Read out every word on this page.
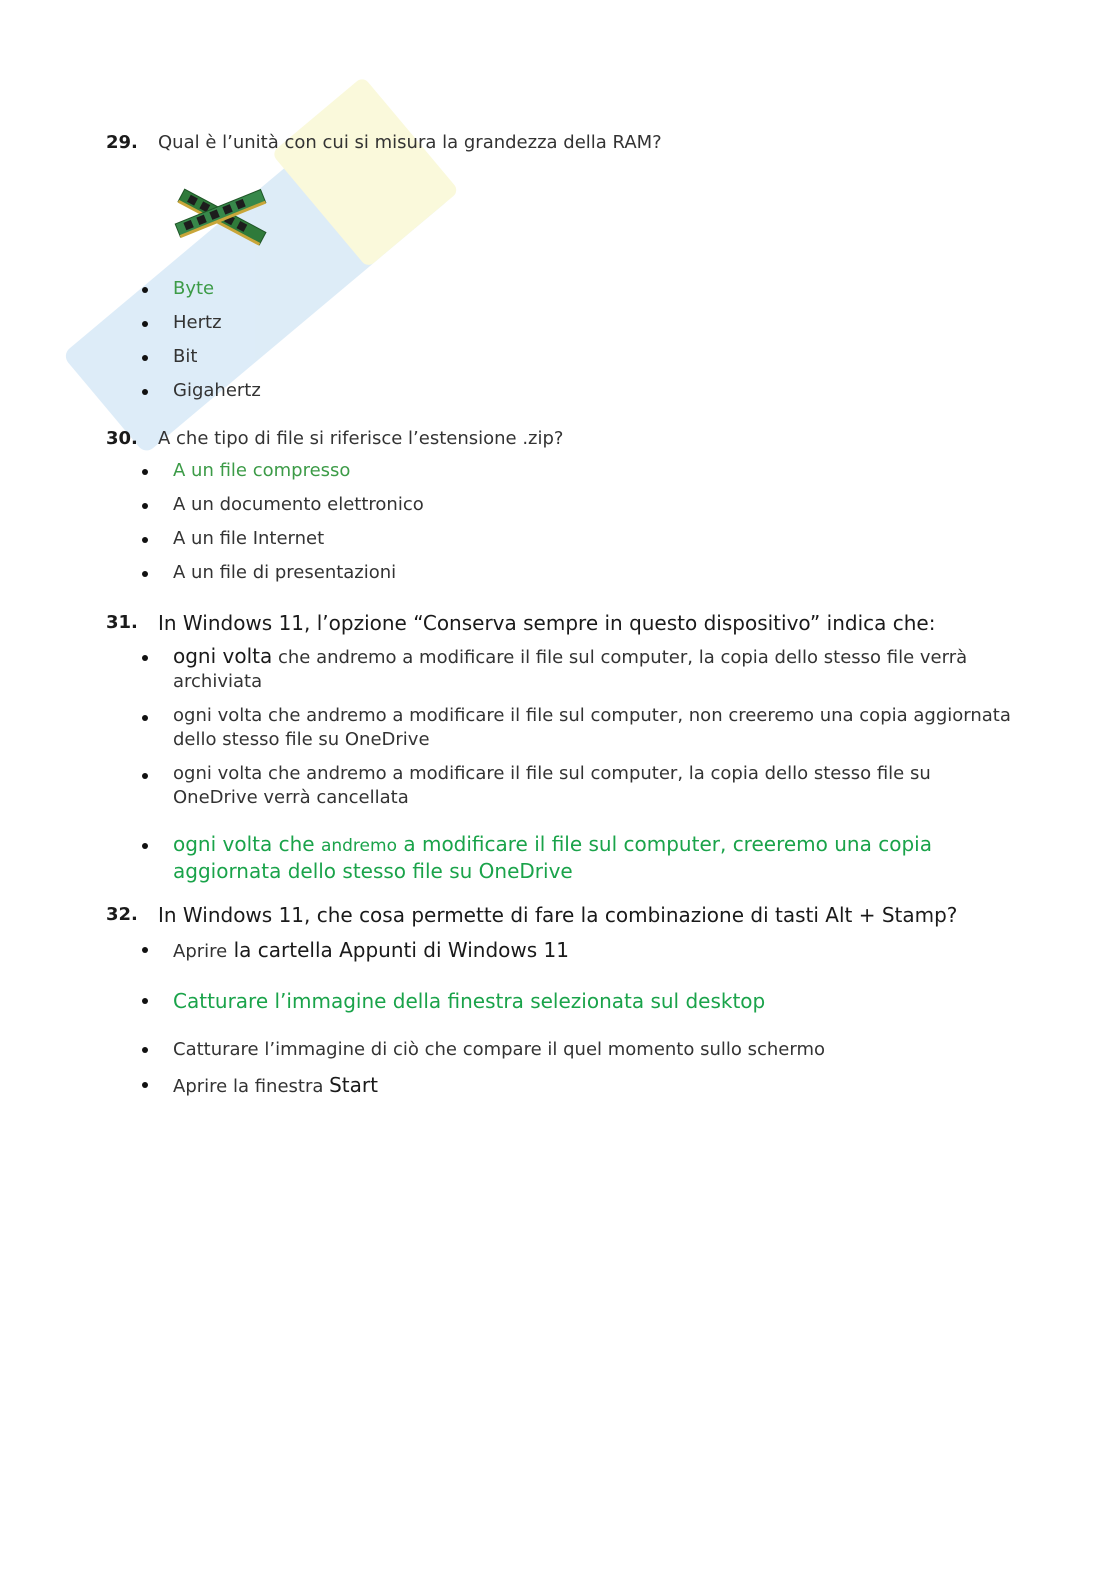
29. Qual è l’unità con cui si misura la grandezza della RAM?
Byte
Hertz
Bit
Gigahertz
30. A che tipo di file si riferisce l’estensione .zip?
A un file compresso
A un documento elettronico
A un file Internet
A un file di presentazioni
31. In Windows 11, l’opzione “Conserva sempre in questo dispositivo” indica che:
ogni volta che andremo a modificare il file sul computer, la copia dello stesso file verrà archiviata
ogni volta che andremo a modificare il file sul computer, non creeremo una copia aggiornata dello stesso file su OneDrive
ogni volta che andremo a modificare il file sul computer, la copia dello stesso file su OneDrive verrà cancellata
ogni volta che andremo a modificare il file sul computer, creeremo una copia aggiornata dello stesso file su OneDrive
32. In Windows 11, che cosa permette di fare la combinazione di tasti Alt + Stamp?
Aprire la cartella Appunti di Windows 11
Catturare l’immagine della finestra selezionata sul desktop
Catturare l’immagine di ciò che compare il quel momento sullo schermo
Aprire la finestra Start
